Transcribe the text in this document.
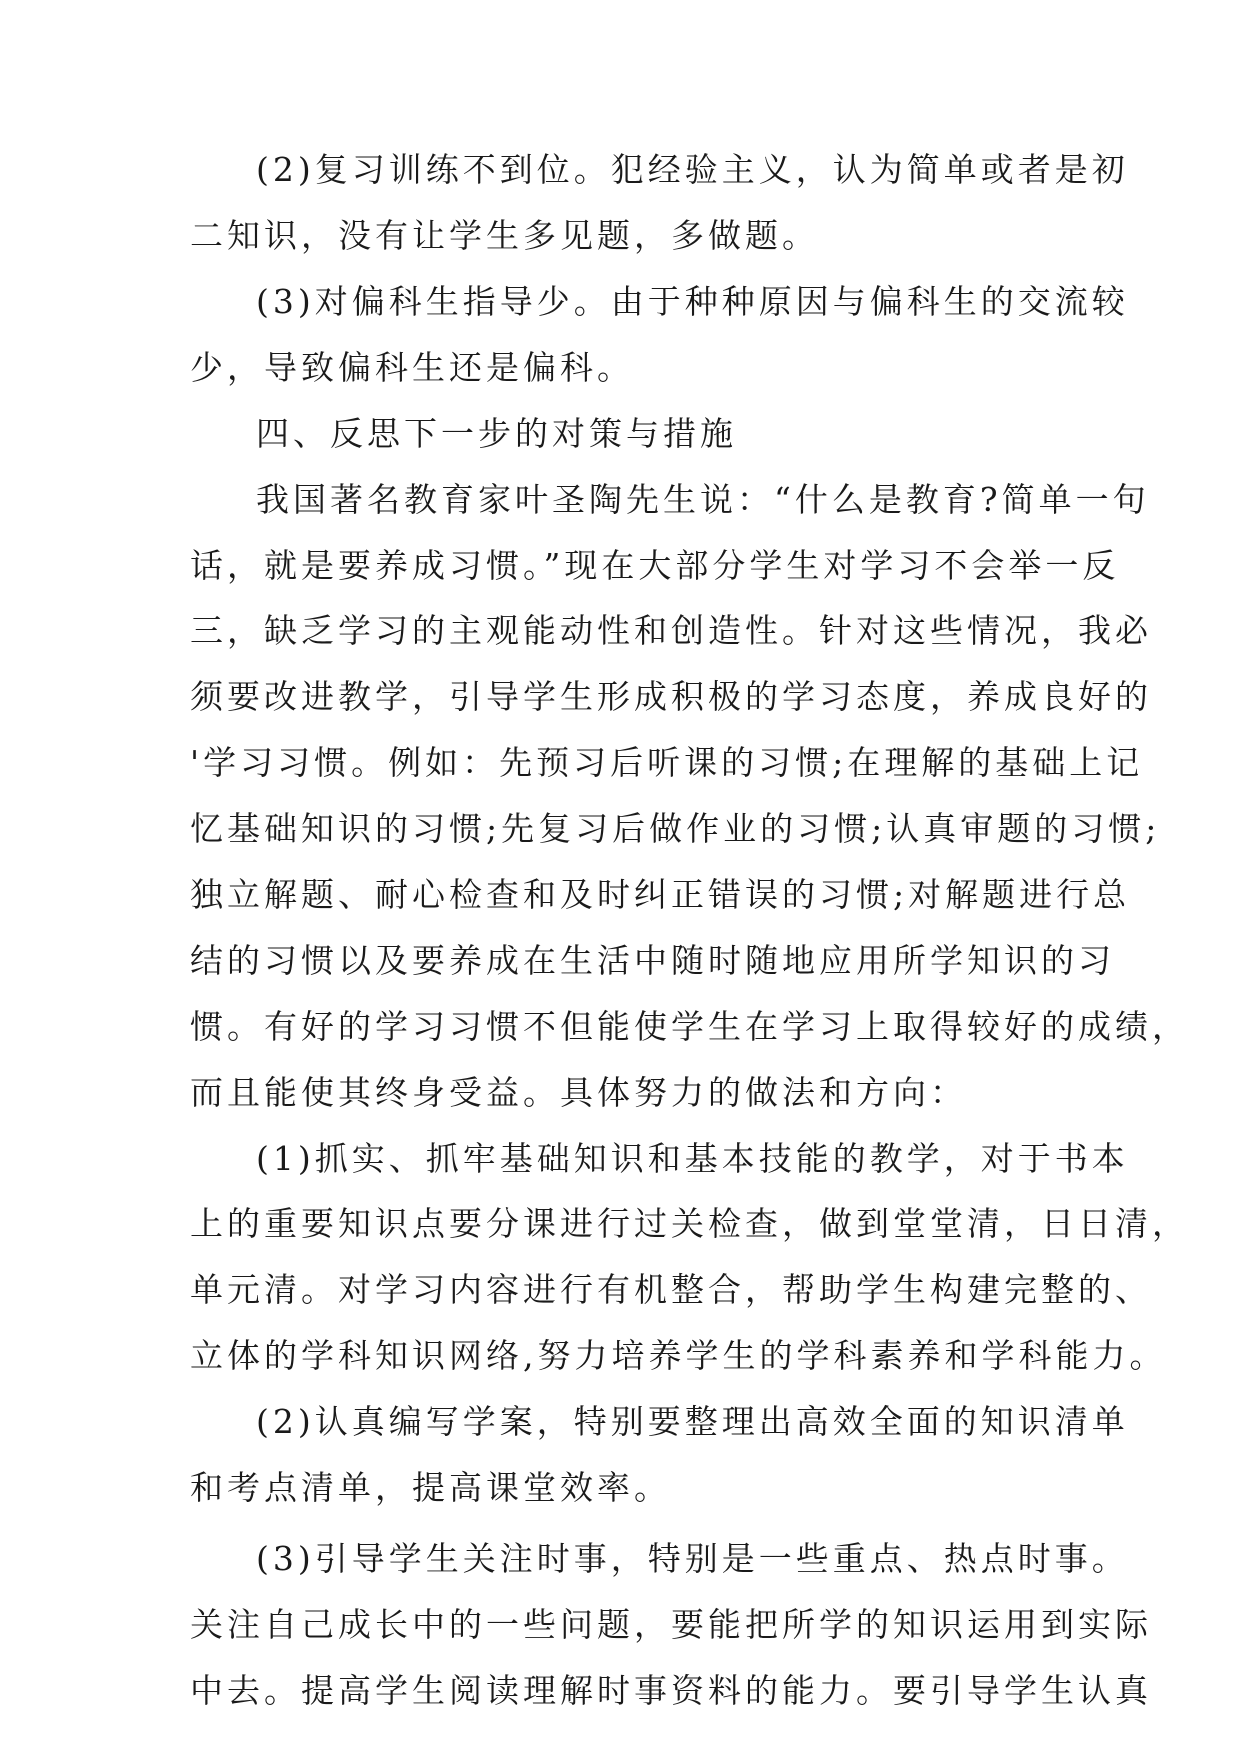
(2)复习训练不到位。犯经验主义，认为简单或者是初
二知识，没有让学生多见题，多做题。
(3)对偏科生指导少。由于种种原因与偏科生的交流较
少，导致偏科生还是偏科。
四、反思下一步的对策与措施
我国著名教育家叶圣陶先生说：“什么是教育?简单一句
话，就是要养成习惯。”现在大部分学生对学习不会举一反
三，缺乏学习的主观能动性和创造性。针对这些情况，我必
须要改进教学，引导学生形成积极的学习态度，养成良好的
'学习习惯。例如：先预习后听课的习惯;在理解的基础上记
忆基础知识的习惯;先复习后做作业的习惯;认真审题的习惯;
独立解题、耐心检查和及时纠正错误的习惯;对解题进行总
结的习惯以及要养成在生活中随时随地应用所学知识的习
惯。有好的学习习惯不但能使学生在学习上取得较好的成绩，
而且能使其终身受益。具体努力的做法和方向：
(1)抓实、抓牢基础知识和基本技能的教学，对于书本
上的重要知识点要分课进行过关检查，做到堂堂清，日日清，
单元清。对学习内容进行有机整合，帮助学生构建完整的、
立体的学科知识网络,努力培养学生的学科素养和学科能力。
(2)认真编写学案，特别要整理出高效全面的知识清单
和考点清单，提高课堂效率。
(3)引导学生关注时事，特别是一些重点、热点时事。
关注自己成长中的一些问题，要能把所学的知识运用到实际
中去。提高学生阅读理解时事资料的能力。要引导学生认真
